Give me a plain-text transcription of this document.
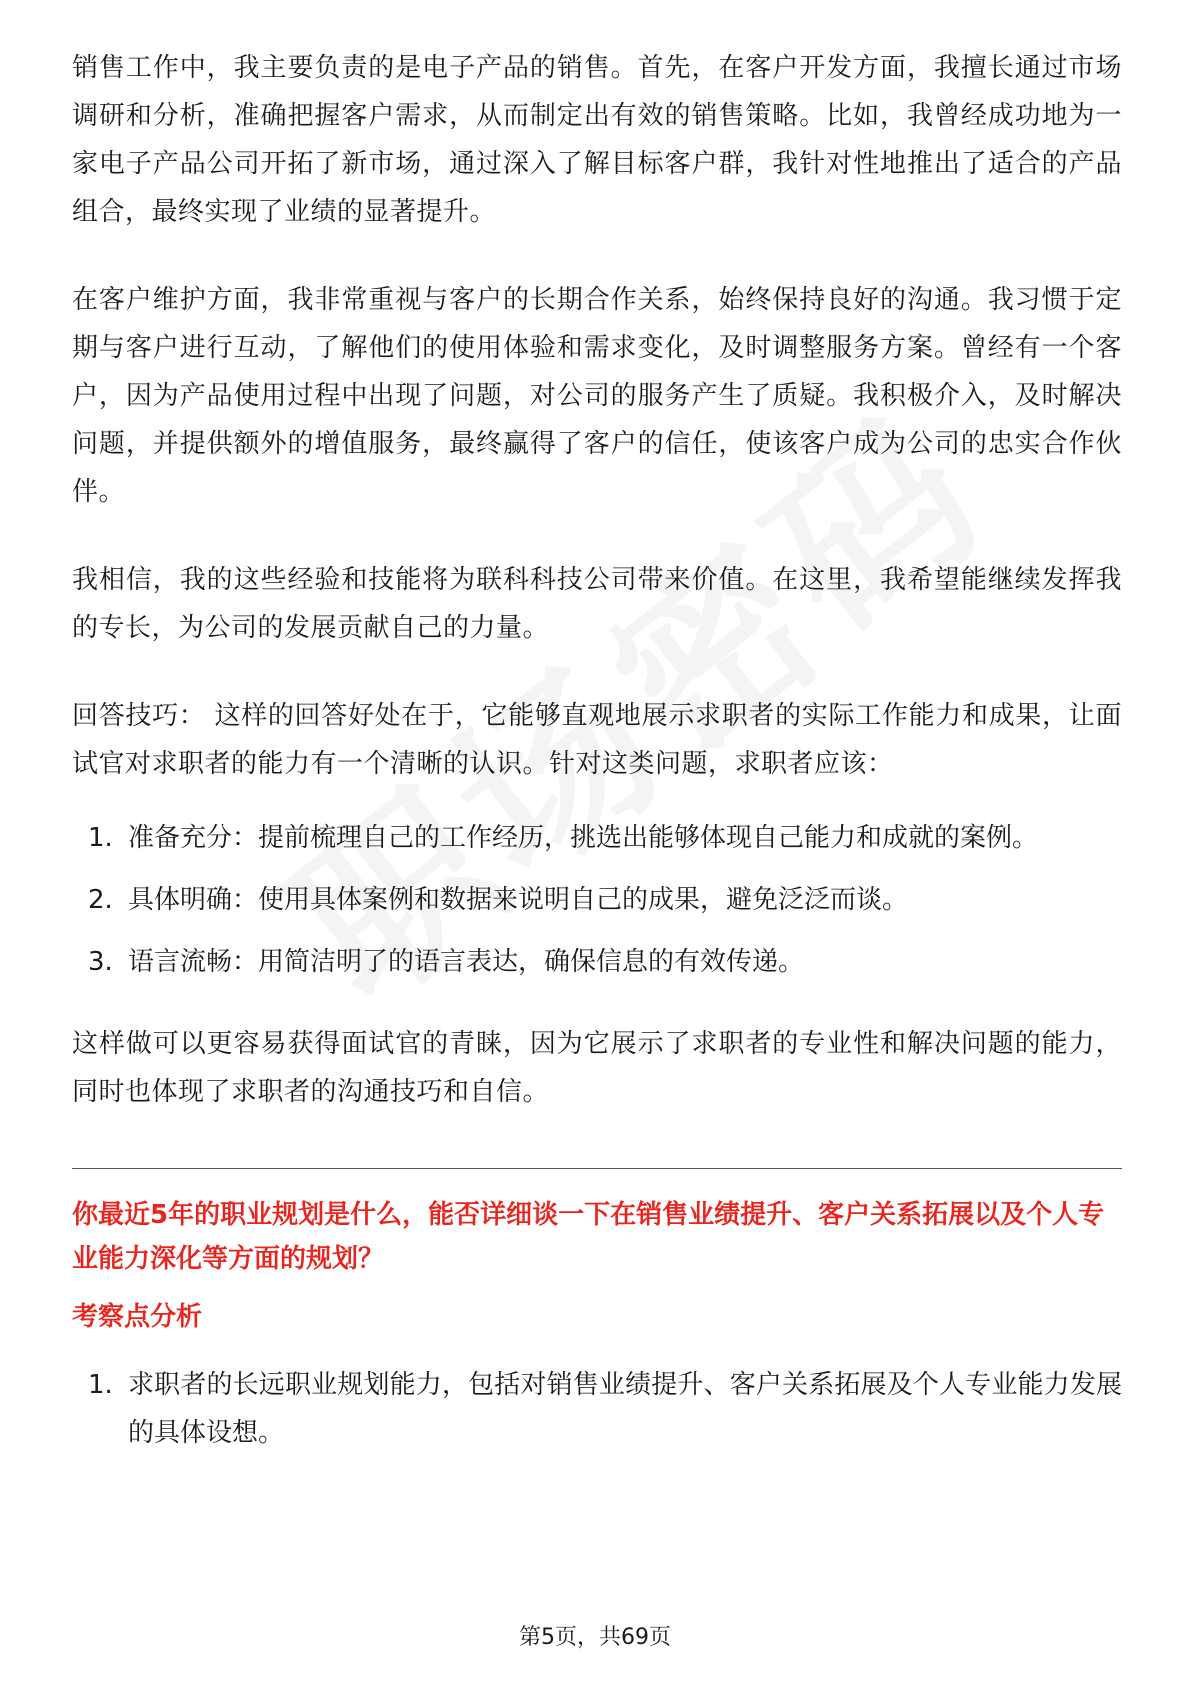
销售工作中，我主要负责的是电子产品的销售。首先，在客户开发方面，我擅长通过市场调研和分析，准确把握客户需求，从而制定出有效的销售策略。比如，我曾经成功地为一家电子产品公司开拓了新市场，通过深入了解目标客户群，我针对性地推出了适合的产品组合，最终实现了业绩的显著提升。

在客户维护方面，我非常重视与客户的长期合作关系，始终保持良好的沟通。我习惯于定期与客户进行互动，了解他们的使用体验和需求变化，及时调整服务方案。曾经有一个客户，因为产品使用过程中出现了问题，对公司的服务产生了质疑。我积极介入，及时解决问题，并提供额外的增值服务，最终赢得了客户的信任，使该客户成为公司的忠实合作伙伴。

我相信，我的这些经验和技能将为联科科技公司带来价值。在这里，我希望能继续发挥我的专长，为公司的发展贡献自己的力量。

回答技巧： 这样的回答好处在于，它能够直观地展示求职者的实际工作能力和成果，让面试官对求职者的能力有一个清晰的认识。针对这类问题，求职者应该：

1. 准备充分：提前梳理自己的工作经历，挑选出能够体现自己能力和成就的案例。
2. 具体明确：使用具体案例和数据来说明自己的成果，避免泛泛而谈。
3. 语言流畅：用简洁明了的语言表达，确保信息的有效传递。

这样做可以更容易获得面试官的青睐，因为它展示了求职者的专业性和解决问题的能力，同时也体现了求职者的沟通技巧和自信。

你最近5年的职业规划是什么，能否详细谈一下在销售业绩提升、客户关系拓展以及个人专业能力深化等方面的规划？
考察点分析
1. 求职者的长远职业规划能力，包括对销售业绩提升、客户关系拓展及个人专业能力发展的具体设想。
第5页，共69页
